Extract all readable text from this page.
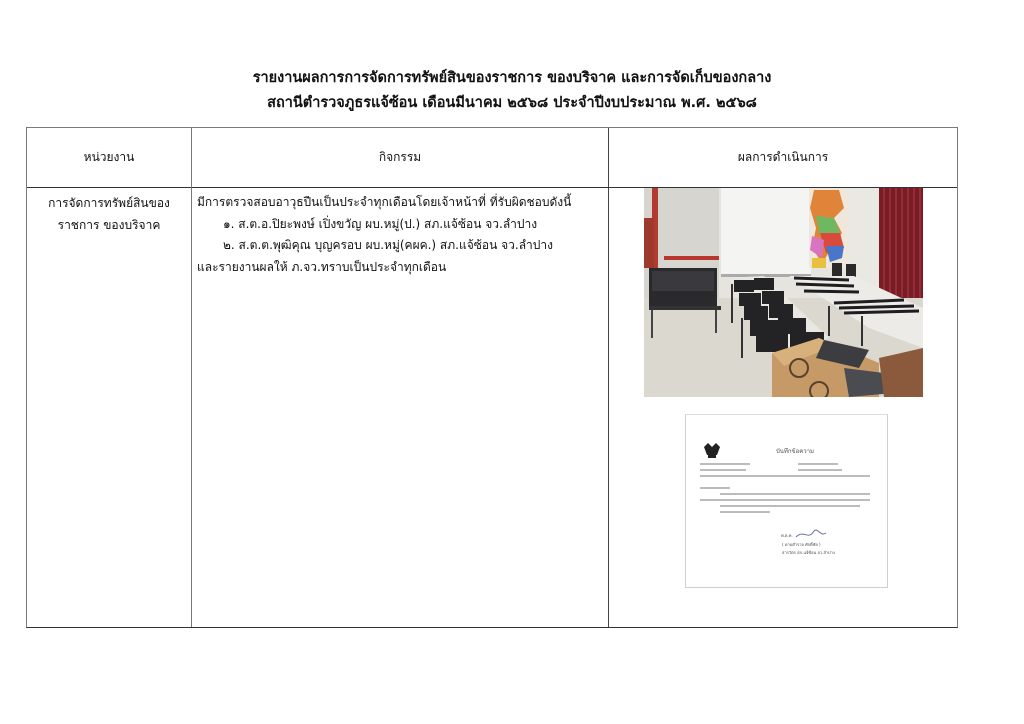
รายงานผลการการจัดการทรัพย์สินของราชการ ของบริจาค และการจัดเก็บของกลาง
สถานีตำรวจภูธรแจ้ซ้อน เดือนมีนาคม ๒๕๖๘ ประจำปีงบประมาณ พ.ศ. ๒๕๖๘
หน่วยงาน	กิจกรรม	ผลการดำเนินการ
การจัดการทรัพย์สินของ
ราชการ ของบริจาค
มีการตรวจสอบอาวุธปืนเป็นประจำทุกเดือนโดยเจ้าหน้าที่ ที่รับผิดชอบดังนี้
๑. ส.ต.อ.ปิยะพงษ์ เปิ่งขวัญ ผบ.หมู่(ป.) สภ.แจ้ซ้อน จว.ลำปาง
๒. ส.ต.ต.พุฒิคุณ บุญครอบ ผบ.หมู่(คผค.) สภ.แจ้ซ้อน จว.ลำปาง
และรายงานผลให้ ภ.จว.ทราบเป็นประจำทุกเดือน
บันทึกข้อความ
พ.ต.ท.
( ดาบตำรวจ ศักดิ์ชัย )
สารวัตร สภ.แจ้ซ้อน จว.ลำปาง
